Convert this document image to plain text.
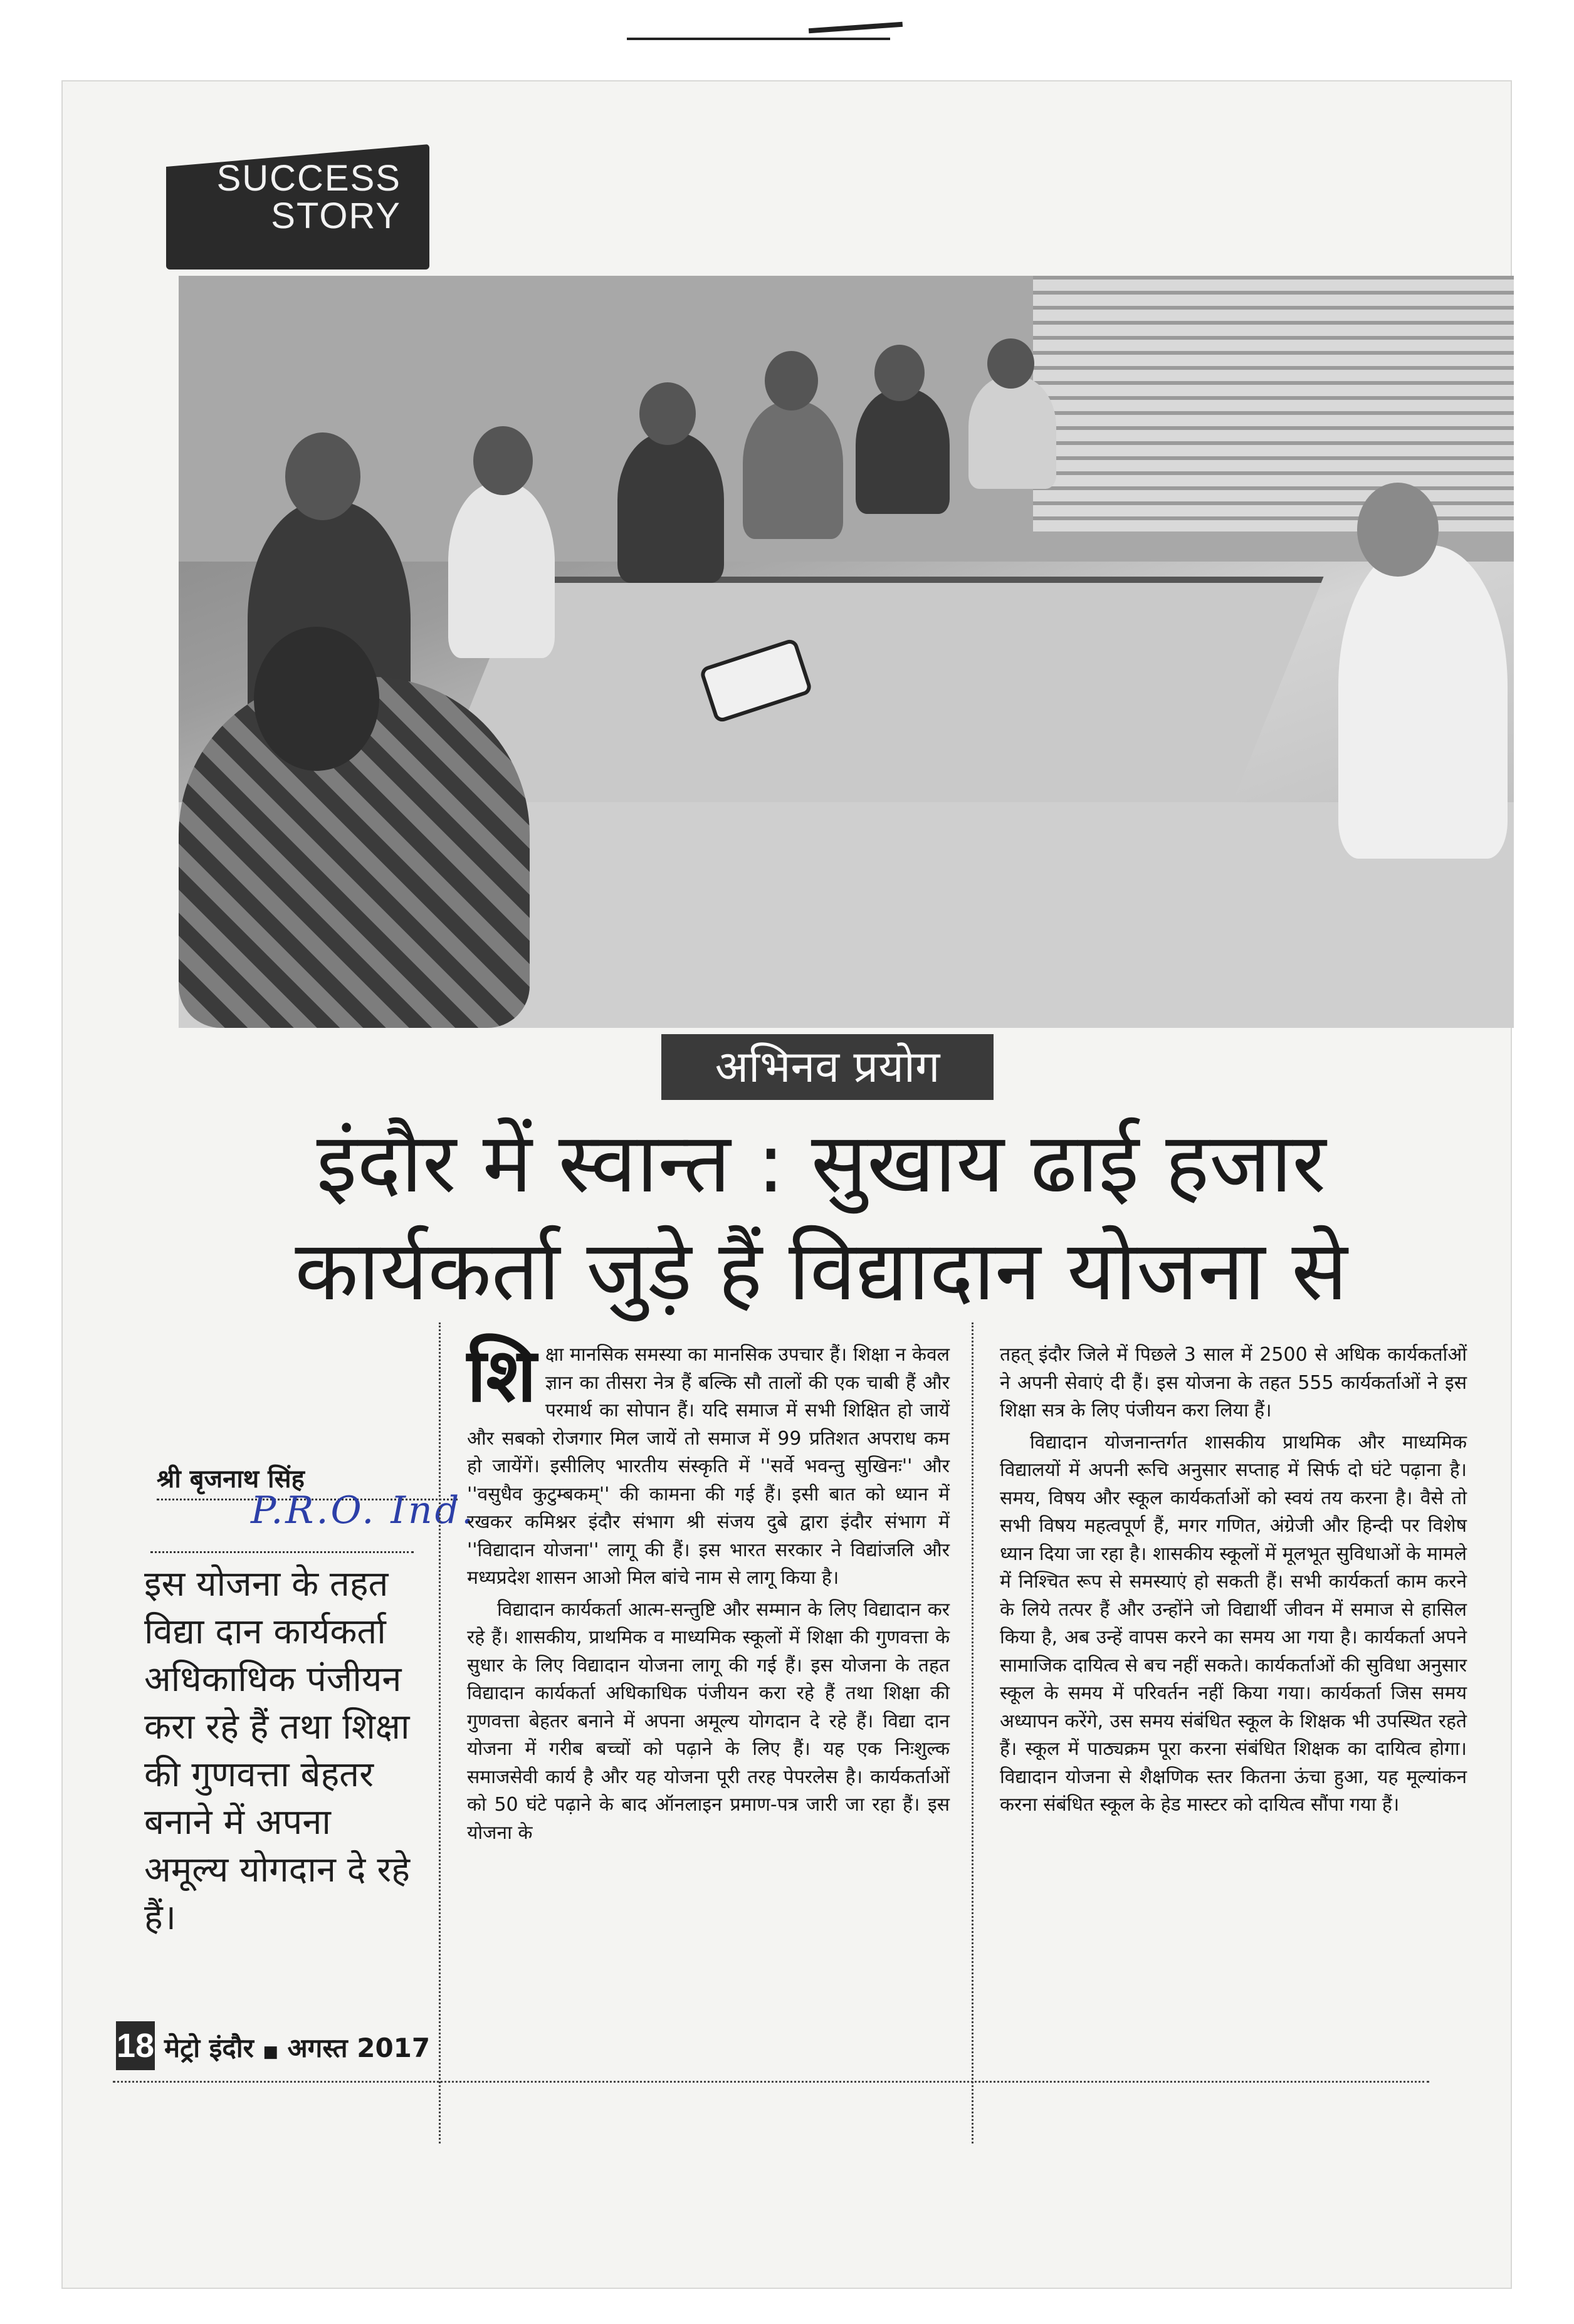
SUCCESS STORY
अभिनव प्रयोग
इंदौर में स्वान्त : सुखाय ढाई हजार
कार्यकर्ता जुड़े हैं विद्यादान योजना से
श्री बृजनाथ सिंह
P.R.O. Ind.
इस योजना के तहत विद्या दान कार्यकर्ता अधिकाधिक पंजीयन करा रहे हैं तथा शिक्षा की गुणवत्ता बेहतर बनाने में अपना अमूल्य योगदान दे रहे हैं।

शिक्षा मानसिक समस्या का मानसिक उपचार हैं। शिक्षा न केवल ज्ञान का तीसरा नेत्र हैं बल्कि सौ तालों की एक चाबी हैं और परमार्थ का सोपान हैं। यदि समाज में सभी शिक्षित हो जायें और सबको रोजगार मिल जायें तो समाज में 99 प्रतिशत अपराध कम हो जायेंगें। इसीलिए भारतीय संस्कृति में ''सर्वे भवन्तु सुखिनः'' और ''वसुधैव कुटुम्बकम्'' की कामना की गई हैं। इसी बात को ध्यान में रखकर कमिश्नर इंदौर संभाग श्री संजय दुबे द्वारा इंदौर संभाग में ''विद्यादान योजना'' लागू की हैं। इस भारत सरकार ने विद्यांजलि और मध्यप्रदेश शासन आओ मिल बांचे नाम से लागू किया है।

विद्यादान कार्यकर्ता आत्म-सन्तुष्टि और सम्मान के लिए विद्यादान कर रहे हैं। शासकीय, प्राथमिक व माध्यमिक स्कूलों में शिक्षा की गुणवत्ता के सुधार के लिए विद्यादान योजना लागू की गई हैं। इस योजना के तहत विद्यादान कार्यकर्ता अधिकाधिक पंजीयन करा रहे हैं तथा शिक्षा की गुणवत्ता बेहतर बनाने में अपना अमूल्य योगदान दे रहे हैं। विद्या दान योजना में गरीब बच्चों को पढ़ाने के लिए हैं। यह एक निःशुल्क समाजसेवी कार्य है और यह योजना पूरी तरह पेपरलेस है। कार्यकर्ताओं को 50 घंटे पढ़ाने के बाद ऑनलाइन प्रमाण-पत्र जारी जा रहा हैं। इस योजना के

तहत् इंदौर जिले में पिछले 3 साल में 2500 से अधिक कार्यकर्ताओं ने अपनी सेवाएं दी हैं। इस योजना के तहत 555 कार्यकर्ताओं ने इस शिक्षा सत्र के लिए पंजीयन करा लिया हैं।

विद्यादान योजनान्तर्गत शासकीय प्राथमिक और माध्यमिक विद्यालयों में अपनी रूचि अनुसार सप्ताह में सिर्फ दो घंटे पढ़ाना है। समय, विषय और स्कूल कार्यकर्ताओं को स्वयं तय करना है। वैसे तो सभी विषय महत्वपूर्ण हैं, मगर गणित, अंग्रेजी और हिन्दी पर विशेष ध्यान दिया जा रहा है। शासकीय स्कूलों में मूलभूत सुविधाओं के मामले में निश्चित रूप से समस्याएं हो सकती हैं। सभी कार्यकर्ता काम करने के लिये तत्पर हैं और उन्होंने जो विद्यार्थी जीवन में समाज से हासिल किया है, अब उन्हें वापस करने का समय आ गया है। कार्यकर्ता अपने सामाजिक दायित्व से बच नहीं सकते। कार्यकर्ताओं की सुविधा अनुसार स्कूल के समय में परिवर्तन नहीं किया गया। कार्यकर्ता जिस समय अध्यापन करेंगे, उस समय संबंधित स्कूल के शिक्षक भी उपस्थित रहते हैं। स्कूल में पाठ्यक्रम पूरा करना संबंधित शिक्षक का दायित्व होगा। विद्यादान योजना से शैक्षणिक स्तर कितना ऊंचा हुआ, यह मूल्यांकन करना संबंधित स्कूल के हेड मास्टर को दायित्व सौंपा गया हैं।

18 मेट्रो इंदौर ■ अगस्त 2017
